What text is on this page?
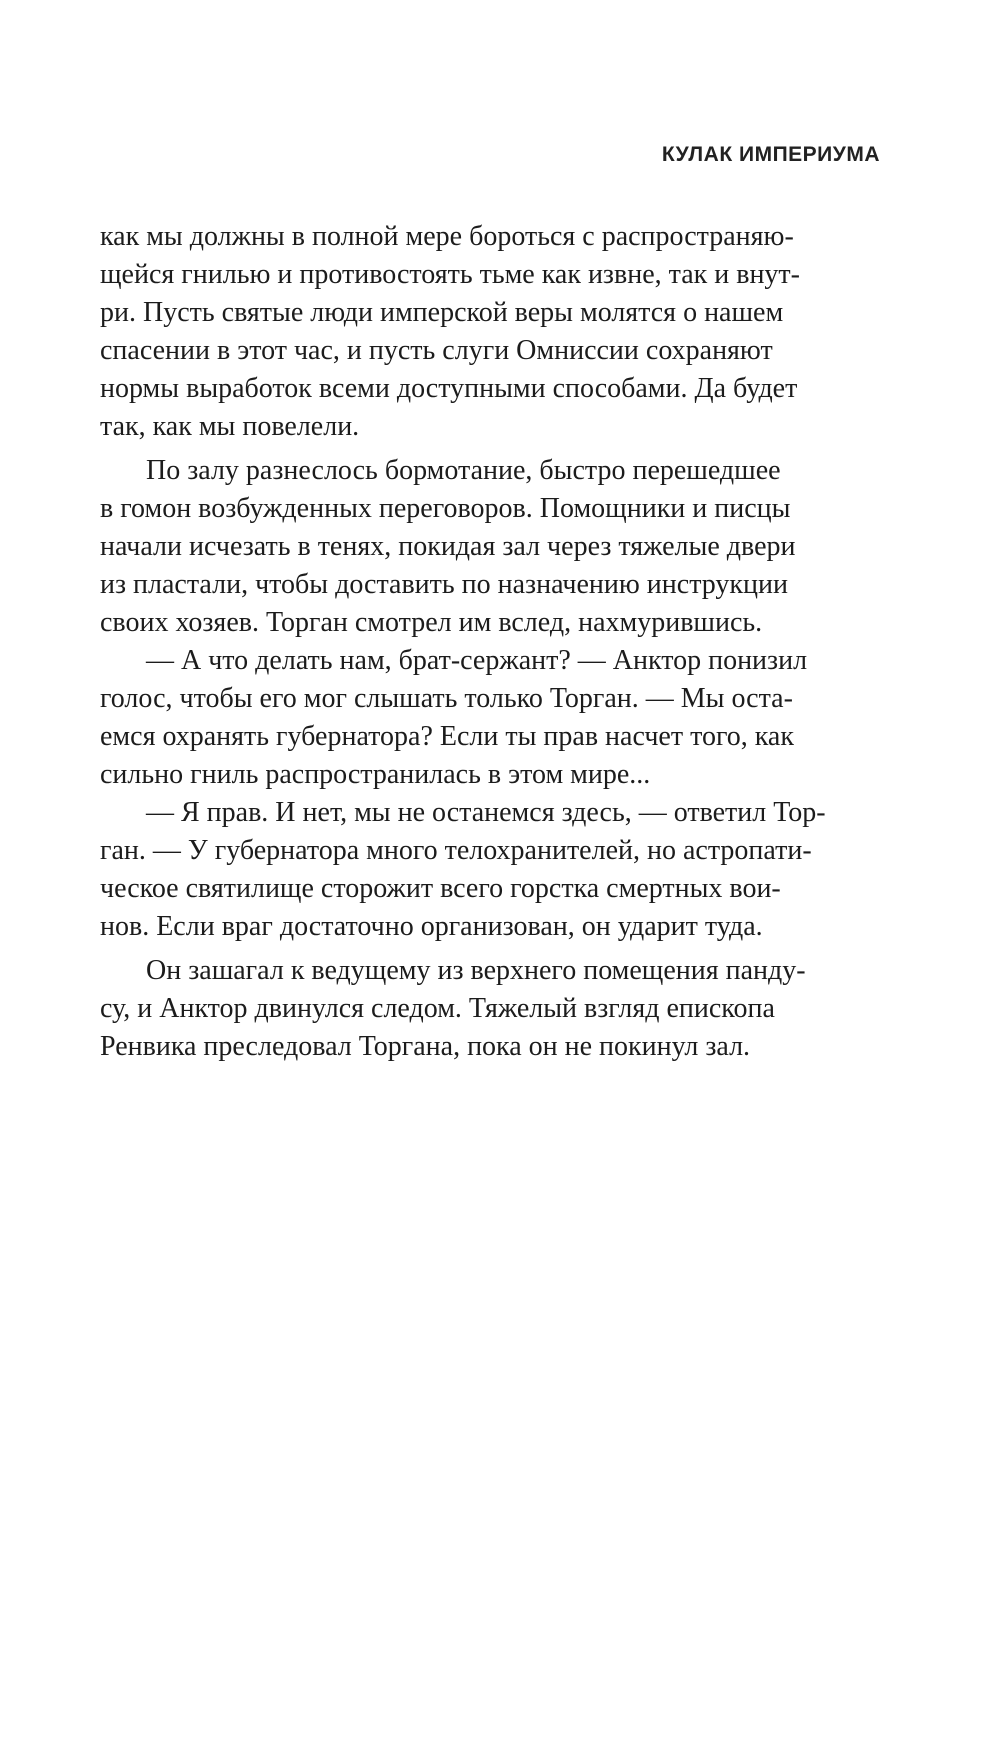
КУЛАК ИМПЕРИУМА
как мы должны в полной мере бороться с распространяю-
щейся гнилью и противостоять тьме как извне, так и внут-
ри. Пусть святые люди имперской веры молятся о нашем
спасении в этот час, и пусть слуги Омниссии сохраняют
нормы выработок всеми доступными способами. Да будет
так, как мы повелели.
По залу разнеслось бормотание, быстро перешедшее
в гомон возбужденных переговоров. Помощники и писцы
начали исчезать в тенях, покидая зал через тяжелые двери
из пластали, чтобы доставить по назначению инструкции
своих хозяев. Торган смотрел им вслед, нахмурившись.
— А что делать нам, брат-сержант? — Анктор понизил
голос, чтобы его мог слышать только Торган. — Мы оста-
емся охранять губернатора? Если ты прав насчет того, как
сильно гниль распространилась в этом мире...
— Я прав. И нет, мы не останемся здесь, — ответил Тор-
ган. — У губернатора много телохранителей, но астропати-
ческое святилище сторожит всего горстка смертных вои-
нов. Если враг достаточно организован, он ударит туда.
Он зашагал к ведущему из верхнего помещения панду-
су, и Анктор двинулся следом. Тяжелый взгляд епископа
Ренвика преследовал Торгана, пока он не покинул зал.
